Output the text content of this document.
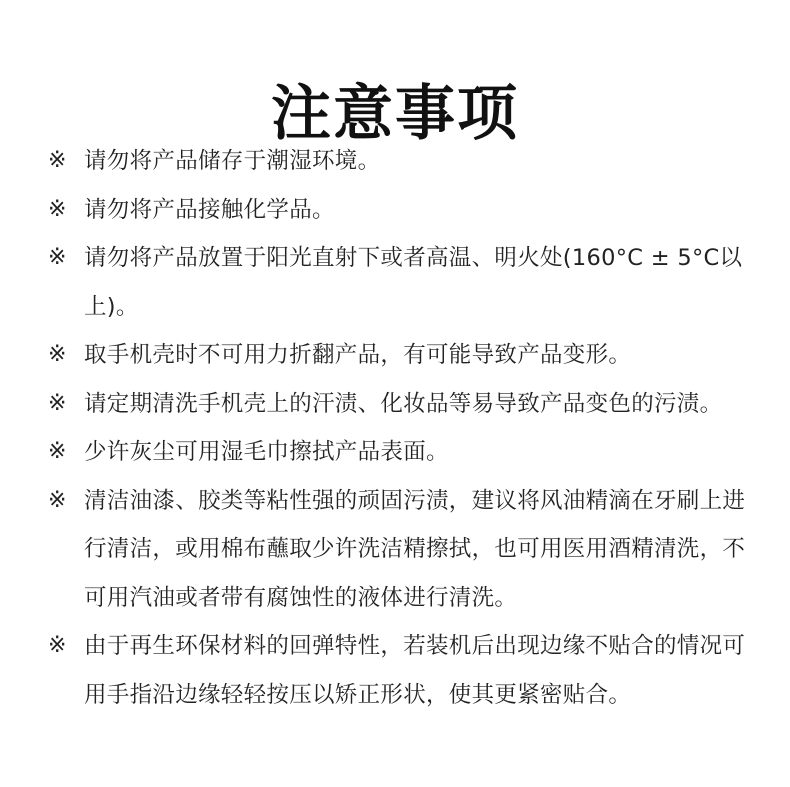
注意事项
※ 请勿将产品储存于潮湿环境。
※ 请勿将产品接触化学品。
※ 请勿将产品放置于阳光直射下或者高温、明火处(160°C ± 5°C以上)。
※ 取手机壳时不可用力折翻产品，有可能导致产品变形。
※ 请定期清洗手机壳上的汗渍、化妆品等易导致产品变色的污渍。
※ 少许灰尘可用湿毛巾擦拭产品表面。
※ 清洁油漆、胶类等粘性强的顽固污渍，建议将风油精滴在牙刷上进行清洁，或用棉布蘸取少许洗洁精擦拭，也可用医用酒精清洗，不可用汽油或者带有腐蚀性的液体进行清洗。
※ 由于再生环保材料的回弹特性，若装机后出现边缘不贴合的情况可用手指沿边缘轻轻按压以矫正形状，使其更紧密贴合。
